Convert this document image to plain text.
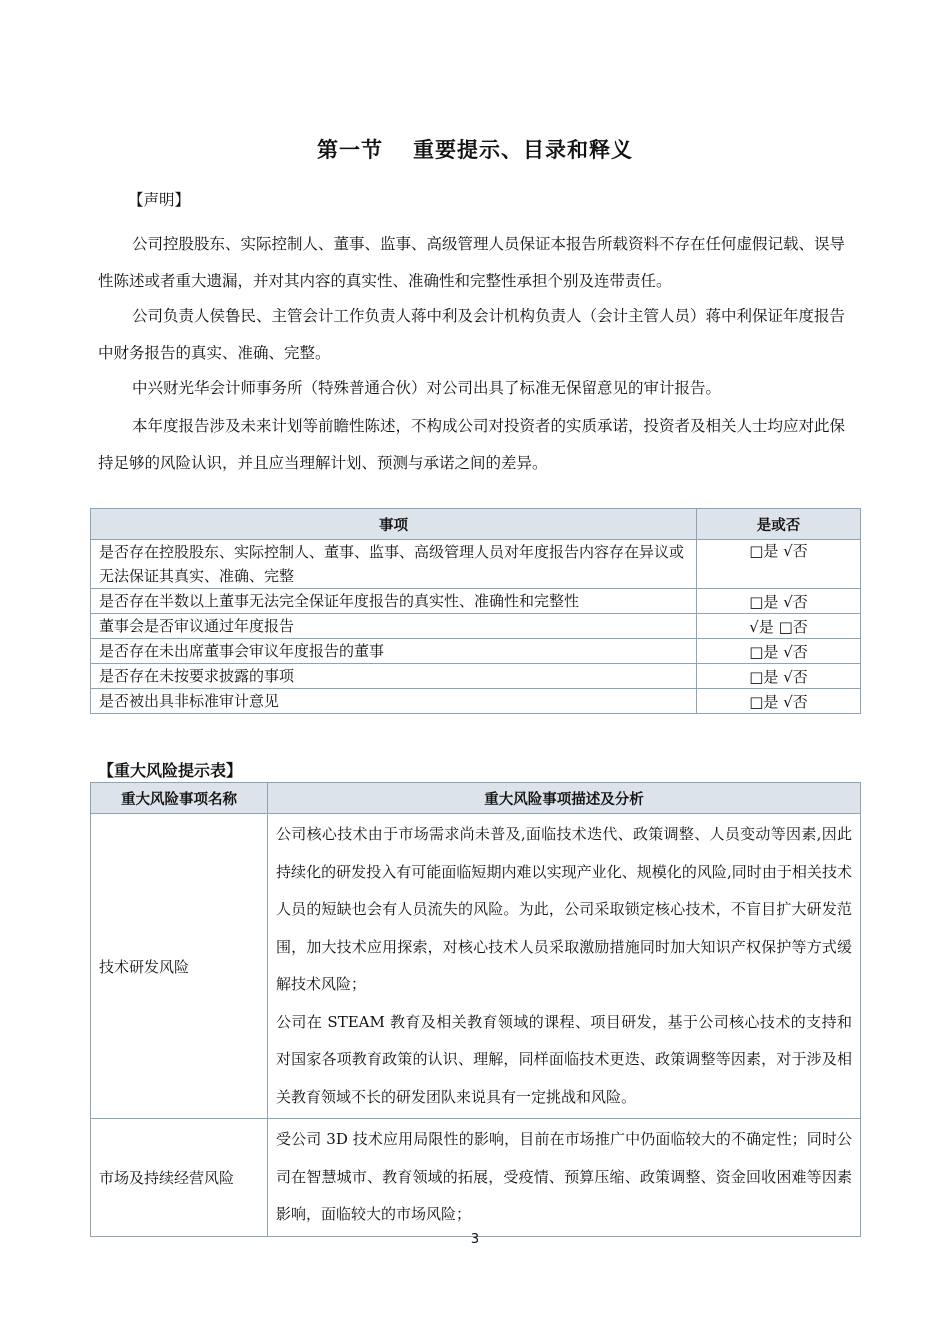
第一节 重要提示、目录和释义
【声明】

公司控股股东、实际控制人、董事、监事、高级管理人员保证本报告所载资料不存在任何虚假记载、误导性陈述或者重大遗漏，并对其内容的真实性、准确性和完整性承担个别及连带责任。

公司负责人侯鲁民、主管会计工作负责人蒋中利及会计机构负责人（会计主管人员）蒋中利保证年度报告中财务报告的真实、准确、完整。

中兴财光华会计师事务所（特殊普通合伙）对公司出具了标准无保留意见的审计报告。

本年度报告涉及未来计划等前瞻性陈述，不构成公司对投资者的实质承诺，投资者及相关人士均应对此保持足够的风险认识，并且应当理解计划、预测与承诺之间的差异。

事项	是或否
是否存在控股股东、实际控制人、董事、监事、高级管理人员对年度报告内容存在异议或无法保证其真实、准确、完整	□是 √否
是否存在半数以上董事无法完全保证年度报告的真实性、准确性和完整性	□是 √否
董事会是否审议通过年度报告	√是 □否
是否存在未出席董事会审议年度报告的董事	□是 √否
是否存在未按要求披露的事项	□是 √否
是否被出具非标准审计意见	□是 √否
【重大风险提示表】
重大风险事项名称	重大风险事项描述及分析
技术研发风险	公司核心技术由于市场需求尚未普及,面临技术迭代、政策调整、人员变动等因素,因此持续化的研发投入有可能面临短期内难以实现产业化、规模化的风险,同时由于相关技术人员的短缺也会有人员流失的风险。为此，公司采取锁定核心技术，不盲目扩大研发范围，加大技术应用探索，对核心技术人员采取激励措施同时加大知识产权保护等方式缓解技术风险；

公司在 STEAM 教育及相关教育领域的课程、项目研发，基于公司核心技术的支持和对国家各项教育政策的认识、理解，同样面临技术更迭、政策调整等因素，对于涉及相关教育领域不长的研发团队来说具有一定挑战和风险。

市场及持续经营风险	受公司 3D 技术应用局限性的影响，目前在市场推广中仍面临较大的不确定性；同时公司在智慧城市、教育领域的拓展，受疫情、预算压缩、政策调整、资金回收困难等因素影响，面临较大的市场风险；

3
